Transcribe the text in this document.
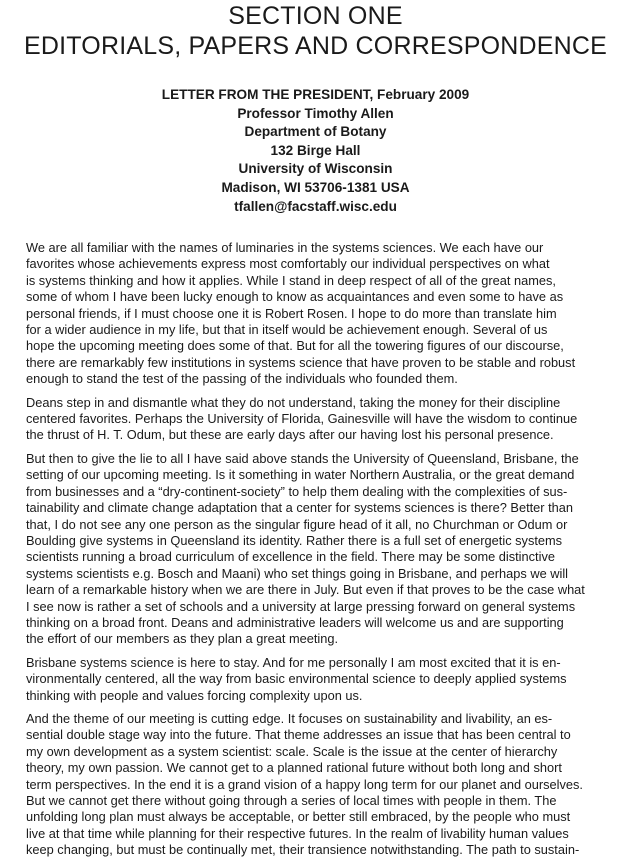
SECTION ONE
EDITORIALS, PAPERS AND CORRESPONDENCE
LETTER FROM THE PRESIDENT, February 2009
Professor Timothy Allen
Department of Botany
132 Birge Hall
University of Wisconsin
Madison, WI 53706-1381 USA
tfallen@facstaff.wisc.edu

We are all familiar with the names of luminaries in the systems sciences. We each have our
favorites whose achievements express most comfortably our individual perspectives on what
is systems thinking and how it applies. While I stand in deep respect of all of the great names,
some of whom I have been lucky enough to know as acquaintances and even some to have as
personal friends, if I must choose one it is Robert Rosen. I hope to do more than translate him
for a wider audience in my life, but that in itself would be achievement enough. Several of us
hope the upcoming meeting does some of that. But for all the towering figures of our discourse,
there are remarkably few institutions in systems science that have proven to be stable and robust
enough to stand the test of the passing of the individuals who founded them.

Deans step in and dismantle what they do not understand, taking the money for their discipline
centered favorites. Perhaps the University of Florida, Gainesville will have the wisdom to continue
the thrust of H. T. Odum, but these are early days after our having lost his personal presence.

But then to give the lie to all I have said above stands the University of Queensland, Brisbane, the
setting of our upcoming meeting. Is it something in water Northern Australia, or the great demand
from businesses and a “dry-continent-society” to help them dealing with the complexities of sus-
tainability and climate change adaptation that a center for systems sciences is there? Better than
that, I do not see any one person as the singular figure head of it all, no Churchman or Odum or
Boulding give systems in Queensland its identity. Rather there is a full set of energetic systems
scientists running a broad curriculum of excellence in the field. There may be some distinctive
systems scientists e.g. Bosch and Maani) who set things going in Brisbane, and perhaps we will
learn of a remarkable history when we are there in July. But even if that proves to be the case what
I see now is rather a set of schools and a university at large pressing forward on general systems
thinking on a broad front. Deans and administrative leaders will welcome us and are supporting
the effort of our members as they plan a great meeting.

Brisbane systems science is here to stay. And for me personally I am most excited that it is en-
vironmentally centered, all the way from basic environmental science to deeply applied systems
thinking with people and values forcing complexity upon us.

And the theme of our meeting is cutting edge. It focuses on sustainability and livability, an es-
sential double stage way into the future. That theme addresses an issue that has been central to
my own development as a system scientist: scale. Scale is the issue at the center of hierarchy
theory, my own passion. We cannot get to a planned rational future without both long and short
term perspectives. In the end it is a grand vision of a happy long term for our planet and ourselves.
But we cannot get there without going through a series of local times with people in them. The
unfolding long plan must always be acceptable, or better still embraced, by the people who must
live at that time while planning for their respective futures. In the realm of livability human values
keep changing, but must be continually met, their transience notwithstanding. The path to sustain-
